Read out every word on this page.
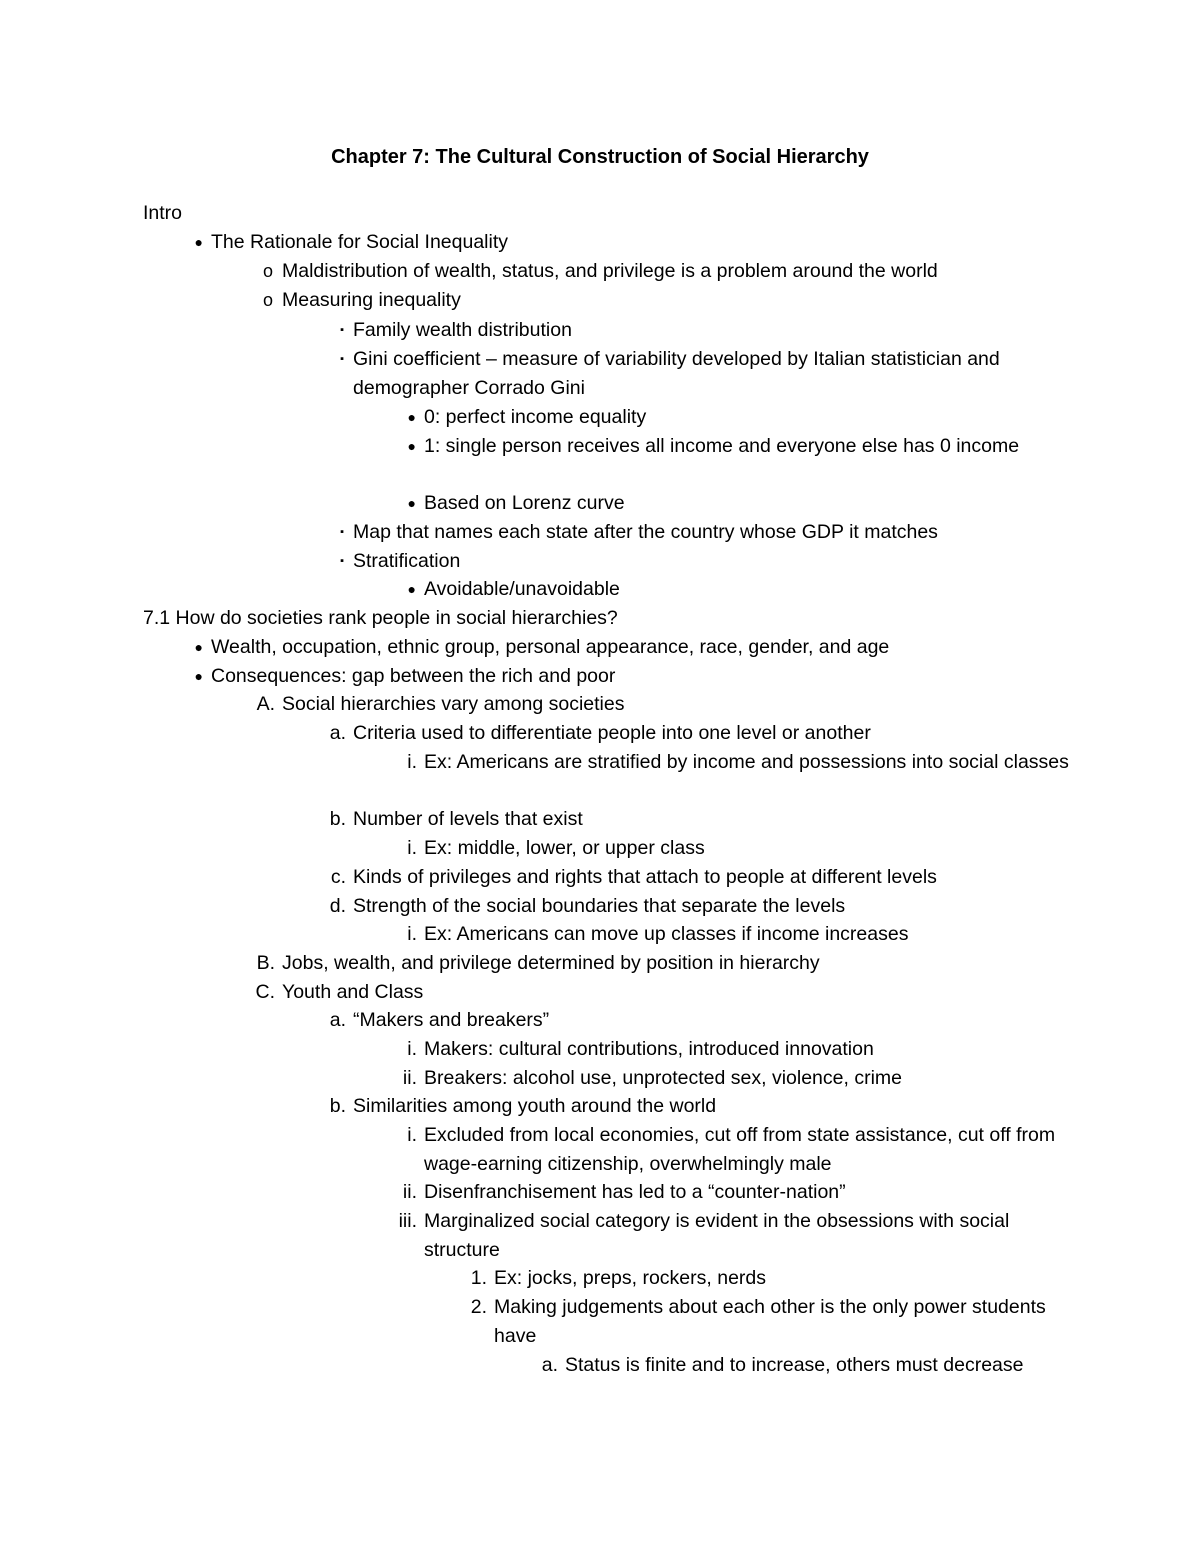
Chapter 7: The Cultural Construction of Social Hierarchy
Intro
● The Rationale for Social Inequality
o Maldistribution of wealth, status, and privilege is a problem around the world
o Measuring inequality
▪ Family wealth distribution
▪ Gini coefficient – measure of variability developed by Italian statistician and demographer Corrado Gini
● 0: perfect income equality
● 1: single person receives all income and everyone else has 0 income
● Based on Lorenz curve
▪ Map that names each state after the country whose GDP it matches
▪ Stratification
● Avoidable/unavoidable
7.1 How do societies rank people in social hierarchies?
● Wealth, occupation, ethnic group, personal appearance, race, gender, and age
● Consequences: gap between the rich and poor
A. Social hierarchies vary among societies
a. Criteria used to differentiate people into one level or another
i. Ex: Americans are stratified by income and possessions into social classes
b. Number of levels that exist
i. Ex: middle, lower, or upper class
c. Kinds of privileges and rights that attach to people at different levels
d. Strength of the social boundaries that separate the levels
i. Ex: Americans can move up classes if income increases
B. Jobs, wealth, and privilege determined by position in hierarchy
C. Youth and Class
a. “Makers and breakers”
i. Makers: cultural contributions, introduced innovation
ii. Breakers: alcohol use, unprotected sex, violence, crime
b. Similarities among youth around the world
i. Excluded from local economies, cut off from state assistance, cut off from wage-earning citizenship, overwhelmingly male
ii. Disenfranchisement has led to a “counter-nation”
iii. Marginalized social category is evident in the obsessions with social structure
1. Ex: jocks, preps, rockers, nerds
2. Making judgements about each other is the only power students have
a. Status is finite and to increase, others must decrease
